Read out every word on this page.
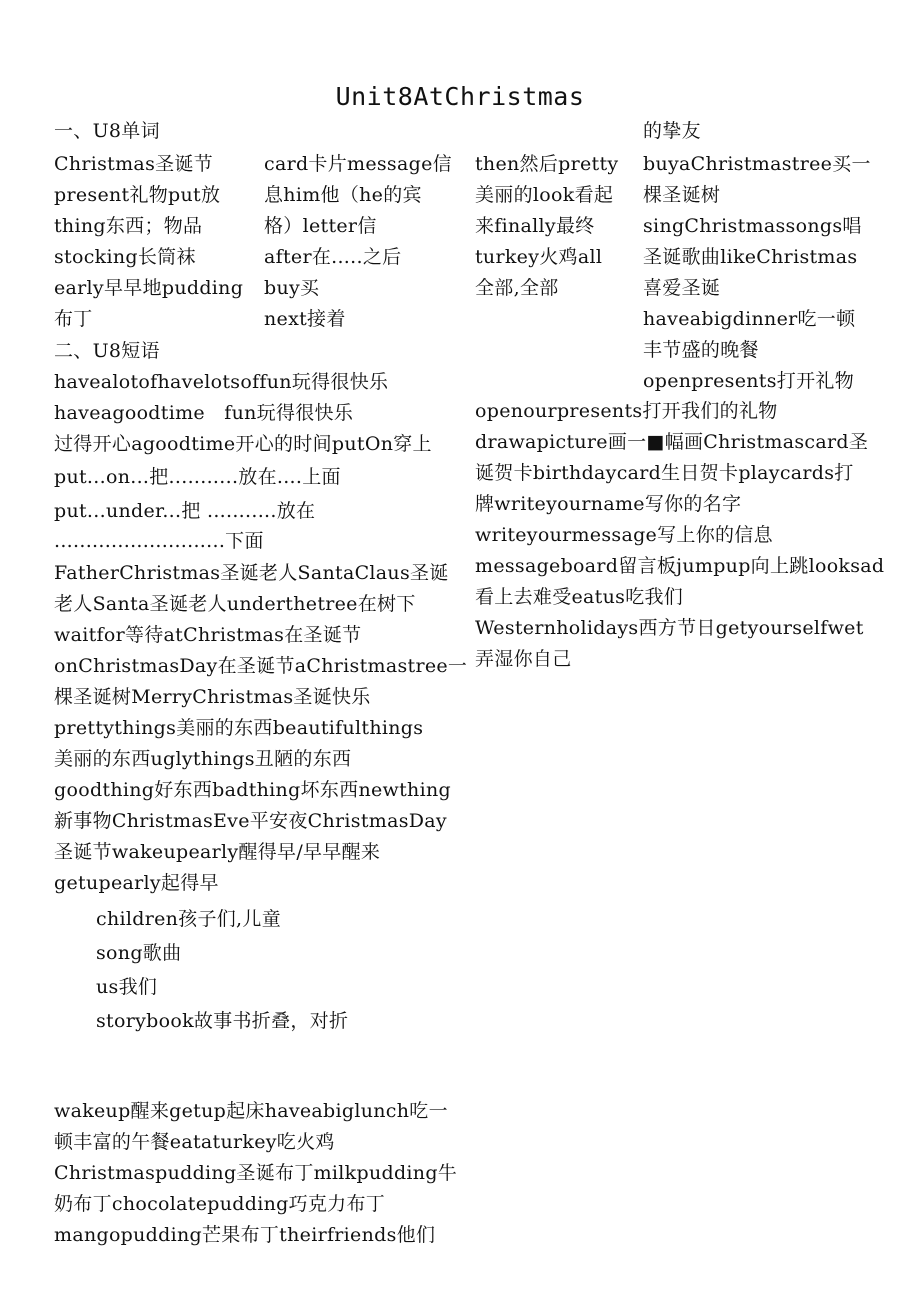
Unit8AtChristmas
一、U8单词
Christmas圣诞节
present礼物put放
thing东西；物品
stocking长筒袜
early早早地pudding
布丁
card卡片message信
息him他（he的宾
格）letter信
after在.....之后
buy买
next接着
二、U8短语
havealotofhavelotsoffun玩得很快乐
haveagoodtime　fun玩得很快乐
过得开心agoodtime开心的时间putOn穿上
put...on...把...........放在....上面
put...under...把 ...........放在
...........................下面
FatherChristmas圣诞老人SantaClaus圣诞
老人Santa圣诞老人underthetree在树下
waitfor等待atChristmas在圣诞节
onChristmasDay在圣诞节aChristmastree一
棵圣诞树MerryChristmas圣诞快乐
prettythings美丽的东西beautifulthings
美丽的东西uglythings丑陋的东西
goodthing好东西badthing坏东西newthing
新事物ChristmasEve平安夜ChristmasDay
圣诞节wakeupearly醒得早/早早醒来
getupearly起得早
children孩子们,儿童
song歌曲
us我们
storybook故事书折叠，对折
wakeup醒来getup起床haveabiglunch吃一
顿丰富的午餐eataturkey吃火鸡
Christmaspudding圣诞布丁milkpudding牛
奶布丁chocolatepudding巧克力布丁
mangopudding芒果布丁theirfriends他们
then然后pretty
美丽的look看起
来finally最终
turkey火鸡all
全部,全部
的挚友
buyaChristmastree买一
棵圣诞树
singChristmassongs唱
圣诞歌曲likeChristmas
喜爱圣诞
haveabigdinner吃一顿
丰节盛的晚餐
openpresents打开礼物
openourpresents打开我们的礼物
drawapicture画一■幅画Christmascard圣
诞贺卡birthdaycard生日贺卡playcards打
牌writeyourname写你的名字
writeyourmessage写上你的信息
messageboard留言板jumpup向上跳looksad
看上去难受eatus吃我们
Westernholidays西方节日getyourselfwet
弄湿你自己
